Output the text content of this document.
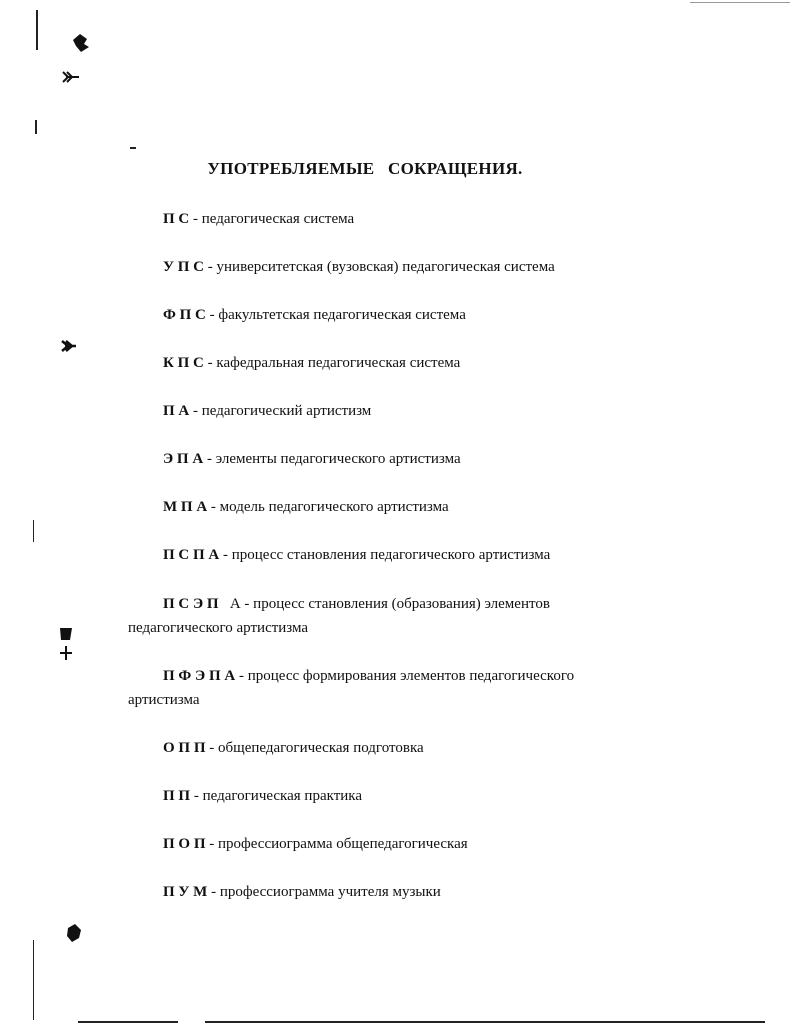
УПОТРЕБЛЯЕМЫЕ СОКРАЩЕНИЯ.
П С - педагогическая система
У П С - университетская (вузовская) педагогическая система
Ф П С - факультетская педагогическая система
К П С - кафедральная педагогическая система
П А - педагогический артистизм
Э П А - элементы педагогического артистизма
М П А - модель педагогического артистизма
П С П А - процесс становления педагогического артистизма
П С Э П   А - процесс становления (образования) элементов педагогического артистизма
П Ф Э П А - процесс формирования элементов педагогического артистизма
О П П - общепедагогическая подготовка
П П - педагогическая практика
П О П - профессиограмма общепедагогическая
П У М - профессиограмма учителя музыки
